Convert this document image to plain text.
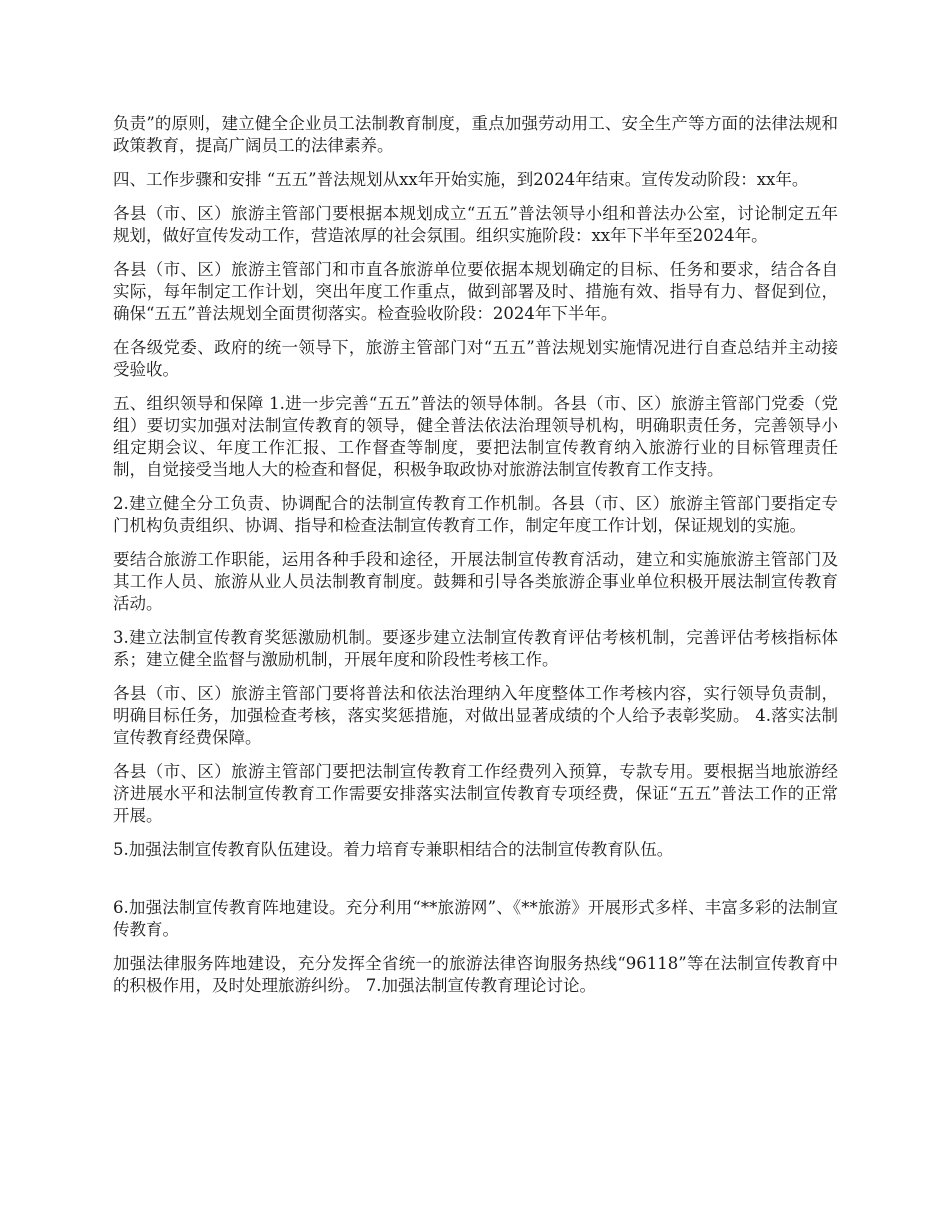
负责”的原则，建立健全企业员工法制教育制度，重点加强劳动用工、安全生产等方面的法律法规和政策教育，提高广阔员工的法律素养。

四、工作步骤和安排 “五五”普法规划从xx年开始实施，到2024年结束。宣传发动阶段：xx年。

各县（市、区）旅游主管部门要根据本规划成立“五五”普法领导小组和普法办公室，讨论制定五年规划，做好宣传发动工作，营造浓厚的社会氛围。组织实施阶段：xx年下半年至2024年。

各县（市、区）旅游主管部门和市直各旅游单位要依据本规划确定的目标、任务和要求，结合各自实际，每年制定工作计划，突出年度工作重点，做到部署及时、措施有效、指导有力、督促到位，确保“五五”普法规划全面贯彻落实。检查验收阶段：2024年下半年。

在各级党委、政府的统一领导下，旅游主管部门对“五五”普法规划实施情况进行自查总结并主动接受验收。

五、组织领导和保障 1.进一步完善“五五”普法的领导体制。各县（市、区）旅游主管部门党委（党组）要切实加强对法制宣传教育的领导，健全普法依法治理领导机构，明确职责任务，完善领导小组定期会议、年度工作汇报、工作督查等制度，要把法制宣传教育纳入旅游行业的目标管理责任制，自觉接受当地人大的检查和督促，积极争取政协对旅游法制宣传教育工作支持。

2.建立健全分工负责、协调配合的法制宣传教育工作机制。各县（市、区）旅游主管部门要指定专门机构负责组织、协调、指导和检查法制宣传教育工作，制定年度工作计划，保证规划的实施。

要结合旅游工作职能，运用各种手段和途径，开展法制宣传教育活动，建立和实施旅游主管部门及其工作人员、旅游从业人员法制教育制度。鼓舞和引导各类旅游企事业单位积极开展法制宣传教育活动。

3.建立法制宣传教育奖惩激励机制。要逐步建立法制宣传教育评估考核机制，完善评估考核指标体系；建立健全监督与激励机制，开展年度和阶段性考核工作。

各县（市、区）旅游主管部门要将普法和依法治理纳入年度整体工作考核内容，实行领导负责制，明确目标任务，加强检查考核，落实奖惩措施，对做出显著成绩的个人给予表彰奖励。 4.落实法制宣传教育经费保障。

各县（市、区）旅游主管部门要把法制宣传教育工作经费列入预算，专款专用。要根据当地旅游经济进展水平和法制宣传教育工作需要安排落实法制宣传教育专项经费，保证“五五”普法工作的正常开展。

5.加强法制宣传教育队伍建设。着力培育专兼职相结合的法制宣传教育队伍。

6.加强法制宣传教育阵地建设。充分利用“**旅游网”、《**旅游》开展形式多样、丰富多彩的法制宣传教育。

加强法律服务阵地建设，充分发挥全省统一的旅游法律咨询服务热线“96118”等在法制宣传教育中的积极作用，及时处理旅游纠纷。 7.加强法制宣传教育理论讨论。
